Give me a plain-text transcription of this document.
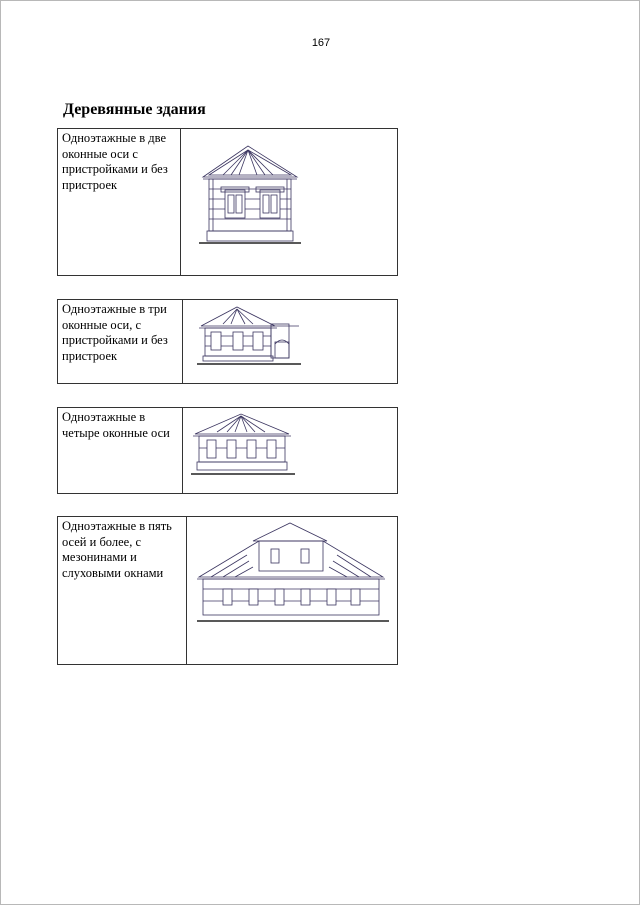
167
Деревянные здания
Одноэтажные в две оконные оси с пристройками и без пристроек
Одноэтажные в три оконные оси, с пристройками и без пристроек
Одноэтажные в четыре оконные оси
Одноэтажные в пять осей и более, с мезонинами и слуховыми окнами
